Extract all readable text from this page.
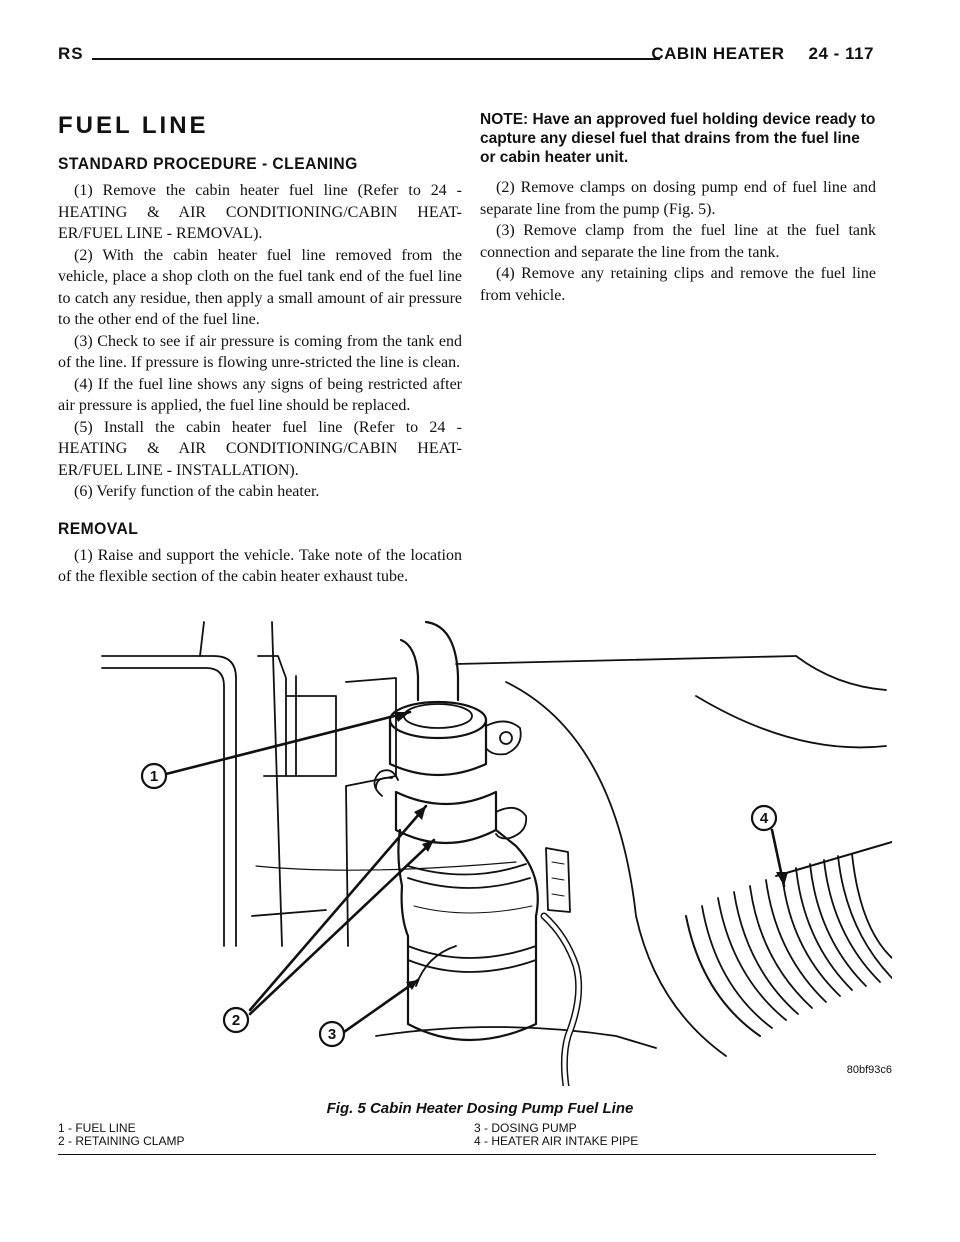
RS	CABIN HEATER 24 - 117
FUEL LINE
STANDARD PROCEDURE - CLEANING

(1) Remove the cabin heater fuel line (Refer to 24 - HEATING & AIR CONDITIONING/CABIN HEAT-ER/FUEL LINE - REMOVAL).

(2) With the cabin heater fuel line removed from the vehicle, place a shop cloth on the fuel tank end of the fuel line to catch any residue, then apply a small amount of air pressure to the other end of the fuel line.

(3) Check to see if air pressure is coming from the tank end of the line. If pressure is flowing unre-stricted the line is clean.

(4) If the fuel line shows any signs of being restricted after air pressure is applied, the fuel line should be replaced.

(5) Install the cabin heater fuel line (Refer to 24 - HEATING & AIR CONDITIONING/CABIN HEAT-ER/FUEL LINE - INSTALLATION).

(6) Verify function of the cabin heater.

REMOVAL

(1) Raise and support the vehicle. Take note of the location of the flexible section of the cabin heater exhaust tube.

NOTE: Have an approved fuel holding device ready to capture any diesel fuel that drains from the fuel line or cabin heater unit.

(2) Remove clamps on dosing pump end of fuel line and separate line from the pump (Fig. 5).

(3) Remove clamp from the fuel line at the fuel tank connection and separate the line from the tank.

(4) Remove any retaining clips and remove the fuel line from vehicle.

1
2
3
4
80bf93c6
Fig. 5 Cabin Heater Dosing Pump Fuel Line
1 - FUEL LINE
2 - RETAINING CLAMP
3 - DOSING PUMP
4 - HEATER AIR INTAKE PIPE
